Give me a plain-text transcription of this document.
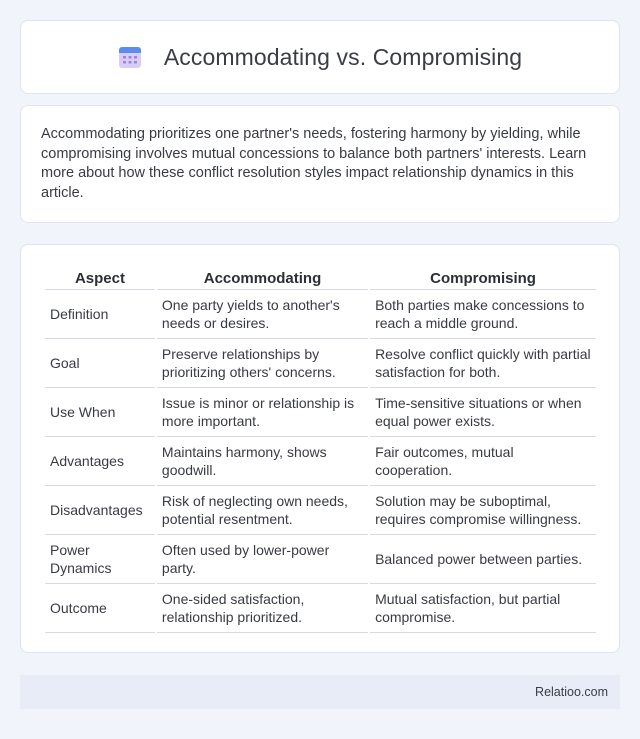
Accommodating vs. Compromising

Accommodating prioritizes one partner's needs, fostering harmony by yielding, while compromising involves mutual concessions to balance both partners' interests. Learn more about how these conflict resolution styles impact relationship dynamics in this article.

Aspect	Accommodating	Compromising
Definition	One party yields to another's needs or desires.	Both parties make concessions to reach a middle ground.
Goal	Preserve relationships by prioritizing others' concerns.	Resolve conflict quickly with partial satisfaction for both.
Use When	Issue is minor or relationship is more important.	Time-sensitive situations or when equal power exists.
Advantages	Maintains harmony, shows goodwill.	Fair outcomes, mutual cooperation.
Disadvantages	Risk of neglecting own needs, potential resentment.	Solution may be suboptimal, requires compromise willingness.
Power Dynamics	Often used by lower-power party.	Balanced power between parties.
Outcome	One-sided satisfaction, relationship prioritized.	Mutual satisfaction, but partial compromise.
Relatioo.com
